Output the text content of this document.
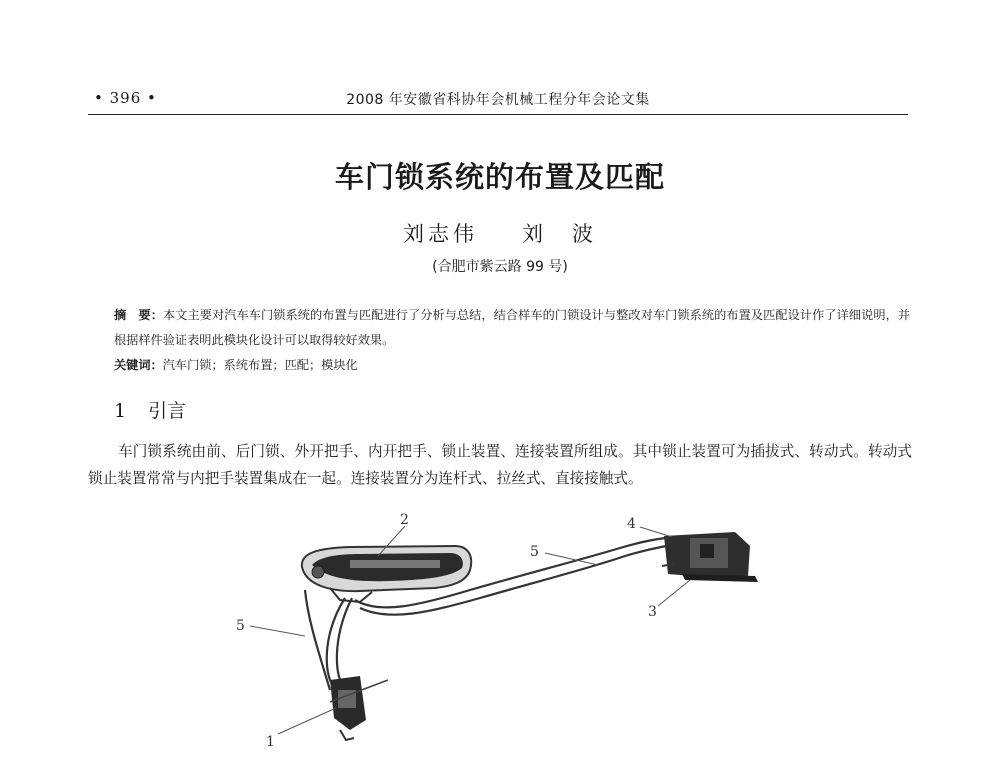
• 396 •	2008 年安徽省科协年会机械工程分年会论文集
车门锁系统的布置及匹配
刘志伟 刘　波
(合肥市紫云路 99 号)
摘　要：本文主要对汽车车门锁系统的布置与匹配进行了分析与总结，结合样车的门锁设计与整改对车门锁系统的布置及匹配设计作了详细说明，并根据样件验证表明此模块化设计可以取得较好效果。
关键词：汽车门锁；系统布置；匹配；模块化
1 引言

车门锁系统由前、后门锁、外开把手、内开把手、锁止装置、连接装置所组成。其中锁止装置可为插拔式、转动式。转动式锁止装置常常与内把手装置集成在一起。连接装置分为连杆式、拉丝式、直接接触式。

2	4
3
5
5
1
